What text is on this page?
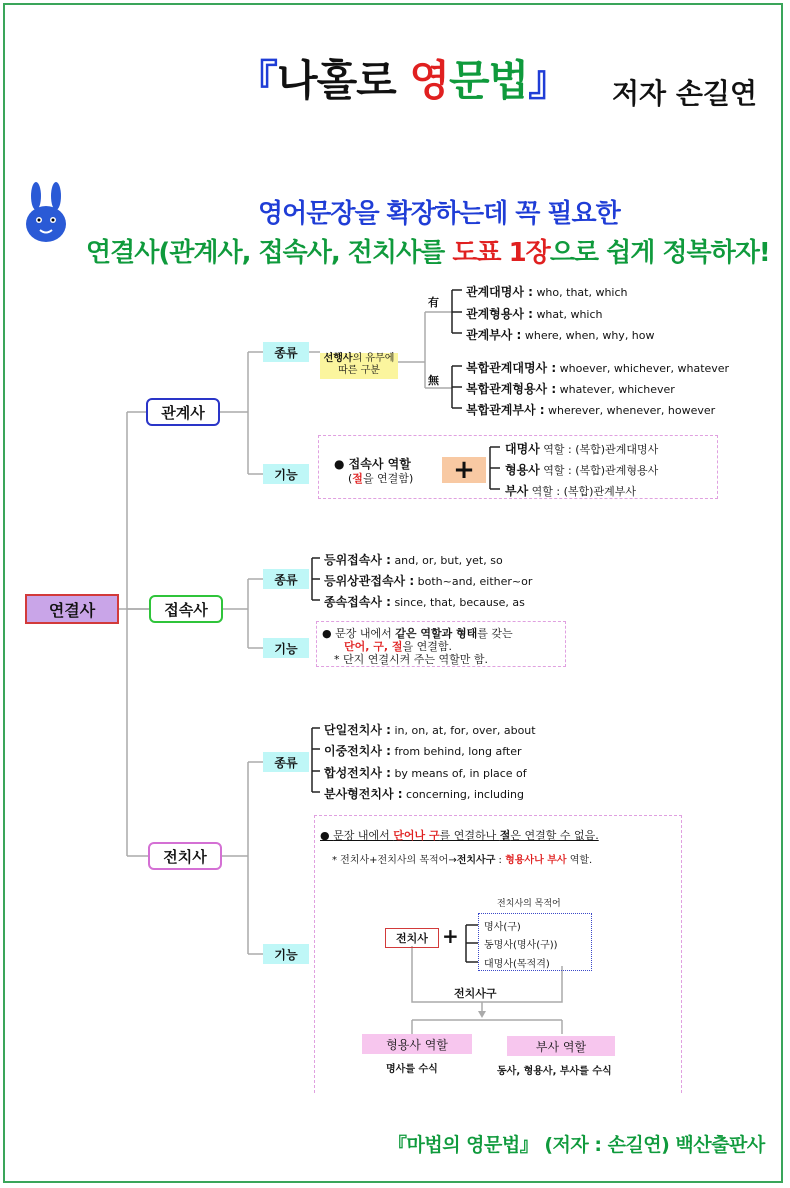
『나홀로 영문법』 저자 손길연
영어문장을 확장하는데 꼭 필요한
연결사(관계사, 접속사, 전치사를 도표 1장으로 쉽게 정복하자!
연결사
관계사
접속사
전치사
종류
기능
종류
기능
종류
기능
선행사의 유무에
따른 구분
有
無
관계대명사 : who, that, which
관계형용사 : what, which
관계부사 : where, when, why, how
복합관계대명사 : whoever, whichever, whatever
복합관계형용사 : whatever, whichever
복합관계부사 : wherever, whenever, however
● 접속사 역할
(절을 연결함)	+
대명사 역할 : (복합)관계대명사
형용사 역할 : (복합)관계형용사
부사 역할 : (복합)관계부사
등위접속사 : and, or, but, yet, so
등위상관접속사 : both~and, either~or
종속접속사 : since, that, because, as
● 문장 내에서 같은 역할과 형태를 갖는
단어, 구, 절을 연결함.
* 단지 연결시켜 주는 역할만 함.
단일전치사 : in, on, at, for, over, about
이중전치사 : from behind, long after
합성전치사 : by means of, in place of
분사형전치사 : concerning, including
● 문장 내에서 단어나 구를 연결하나 절은 연결할 수 없음.
* 전치사+전치사의 목적어→전치사구 : 형용사나 부사 역할.
전치사의 목적어
전치사 +	명사(구)
동명사(명사(구))
대명사(목적격)
전치사구
형용사 역할	부사 역할
명사를 수식	동사, 형용사, 부사를 수식
『마법의 영문법』 (저자 : 손길연) 백산출판사
